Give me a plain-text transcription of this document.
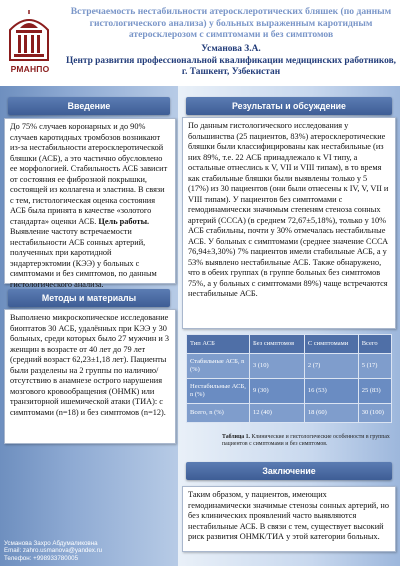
РМАНПО
Встречаемость нестабильности атеросклеротических бляшек (по данным гистологического анализа) у больных выраженным каротидным атеросклерозом с симптомами и без симптомов
Усманова З.А.
Центр развития профессиональной квалификации медицинских работников, г. Ташкент, Узбекистан
Введение
До 75% случаев коронарных и до 90% случаев каротидных тромбозов возникают из-за нестабильности атеросклеротической бляшки (АСБ), а это частично обусловлено ее морфологией. Стабильность АСБ зависит от состояния ее фиброзной покрышки, состоящей из коллагена и эластина. В связи с тем, гистологическая оценка состояния АСБ была принята в качестве «золотого стандарта» оценки АСБ. Цель работы. Выявление частоту встречаемости нестабильности АСБ сонных артерий, полученных при каротидной эндартерэктомии (КЭЭ) у больных с симптомами и без симптомов, по данным гистологического анализа.
Методы и материалы
Выполнено микроскопическое исследование биоптатов 30 АСБ, удалённых при КЭЭ у 30 больных, среди которых было 27 мужчин и 3 женщин в возрасте от 40 лет до 79 лет (средний возраст 62,23±1,18 лет). Пациенты были разделены на 2 группы по наличию/отсутствию в анамнезе острого нарушения мозгового кровообращения (ОНМК) или транзиторной ишемической атаки (ТИА): с симптомами (n=18) и без симптомов (n=12).
Результаты и обсуждение
По данным гистологического исследования у большинства (25 пациентов, 83%) атеросклеротические бляшки были классифицированы как нестабильные (из них 89%, т.е. 22 АСБ принадлежало к VI типу, а остальные отнеслись к V, VII и VIII типам), в то время как стабильные бляшки были выявлены только у 5 (17%) из 30 пациентов (они были отнесены к IV, V, VII и VIII типам). У пациентов без симптомами с гемодинамически значимым степеням стеноза сонных артерий (СССА) (в среднем 72,67±5,18%), только у 10% АСБ стабильны, почти у 30% отмечалась нестабильные АСБ. У больных с симптомами (среднее значение СССА 76,94±3,30%) 7% пациентов имели стабильные АСБ, а у 53% выявлено нестабильные АСБ. Также обнаружено, что в обеих группах (в группе больных без симптомов 75%, а у больных с симптомами 89%) чаще встречаются нестабильные АСБ.
Тип АСБ	Без симптомов	С симптомами	Всего
Стабильные АСБ, n (%)	3 (10)	2 (7)	5 (17)
Нестабильные АСБ, n (%)	9 (30)	16 (53)	25 (83)
Всего, n (%)	12 (40)	18 (60)	30 (100)
Таблица 1. Клинические и гистологические особенности в группах пациентов с симптомами и без симптомов.
Заключение
Таким образом, у пациентов, имеющих гемодинамически значимые стенозы сонных артерий, но без клинических проявлений часто выявляются нестабильные АСБ. В связи с тем, существует высокий риск развития ОНМК/ТИА у этой категории больных.
Усманова Захро Абдумаликовна
Email: zahro.usmanova@yandex.ru
Телефон: +998933780005
